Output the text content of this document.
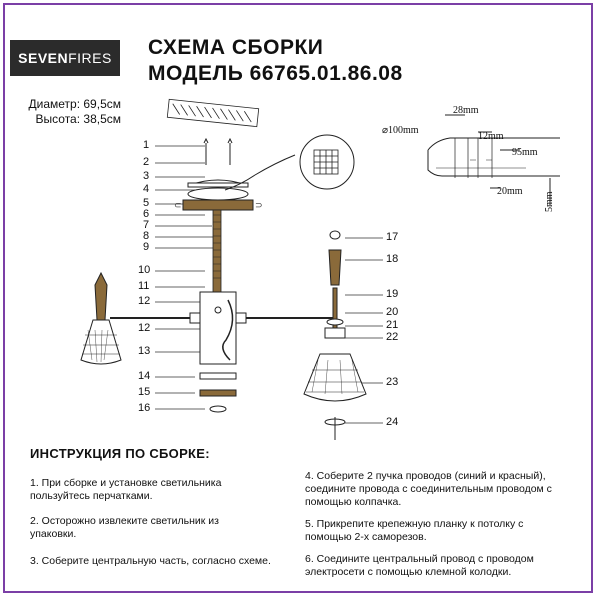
SEVENFIRES	СХЕМА СБОРКИ
МОДЕЛЬ 66765.01.86.08
Диаметр: 69,5см
Высота: 38,5см
⊂	⊃
28mm
⌀100mm
12mm
95mm
20mm 5mm
1
2
3
4
5
6
7
8
9
10
11
12
12
13
14
15
16
17
18
19
20
21
22
23
24
ИНСТРУКЦИЯ ПО СБОРКЕ:
1. При сборке и установке светильника пользуйтесь перчатками.
2. Осторожно извлеките светильник из упаковки.
3. Соберите центральную часть, согласно схеме.
4. Соберите 2 пучка проводов (синий и красный), соедините провода с соединительным проводом с помощью колпачка.
5. Прикрепите крепежную планку к потолку с помощью 2-х саморезов.
6. Соедините центральный провод с проводом электросети с помощью клемной колодки.
